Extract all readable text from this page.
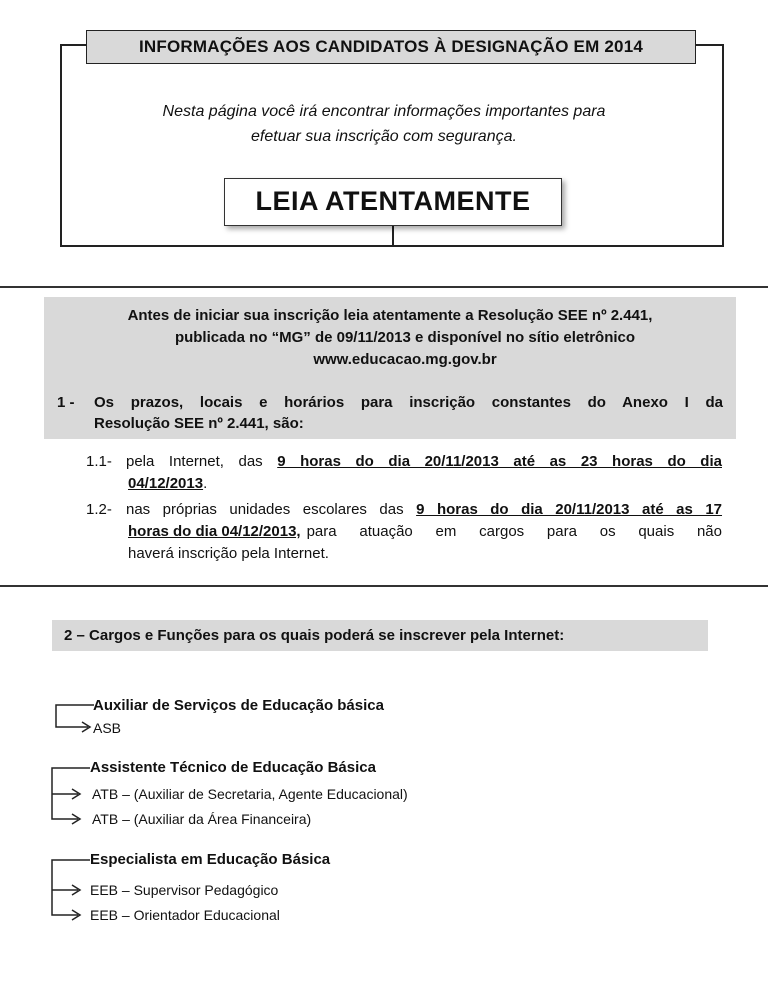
INFORMAÇÕES AOS CANDIDATOS À DESIGNAÇÃO EM 2014
Nesta página você irá encontrar informações importantes para
efetuar sua inscrição com segurança.
LEIA ATENTAMENTE
Antes de iniciar sua inscrição leia atentamente a Resolução SEE nº 2.441,
publicada no “MG” de 09/11/2013 e disponível no sítio eletrônico
www.educacao.mg.gov.br
1 -	Os prazos, locais e horários para inscrição constantes do Anexo I da
Resolução SEE nº 2.441, são:
1.1- pela Internet, das 9 horas do dia 20/11/2013 até as 23 horas do dia
04/12/2013.
1.2- nas próprias unidades escolares das 9 horas do dia 20/11/2013 até as 17
horas do dia 04/12/2013, para atuação em cargos para os quais não
haverá inscrição pela Internet.
2 – Cargos e Funções para os quais poderá se inscrever pela Internet:
Auxiliar de Serviços de Educação básica
ASB
Assistente Técnico de Educação Básica
ATB – (Auxiliar de Secretaria, Agente Educacional)
ATB – (Auxiliar da Área Financeira)
Especialista em Educação Básica
EEB – Supervisor Pedagógico
EEB – Orientador Educacional
